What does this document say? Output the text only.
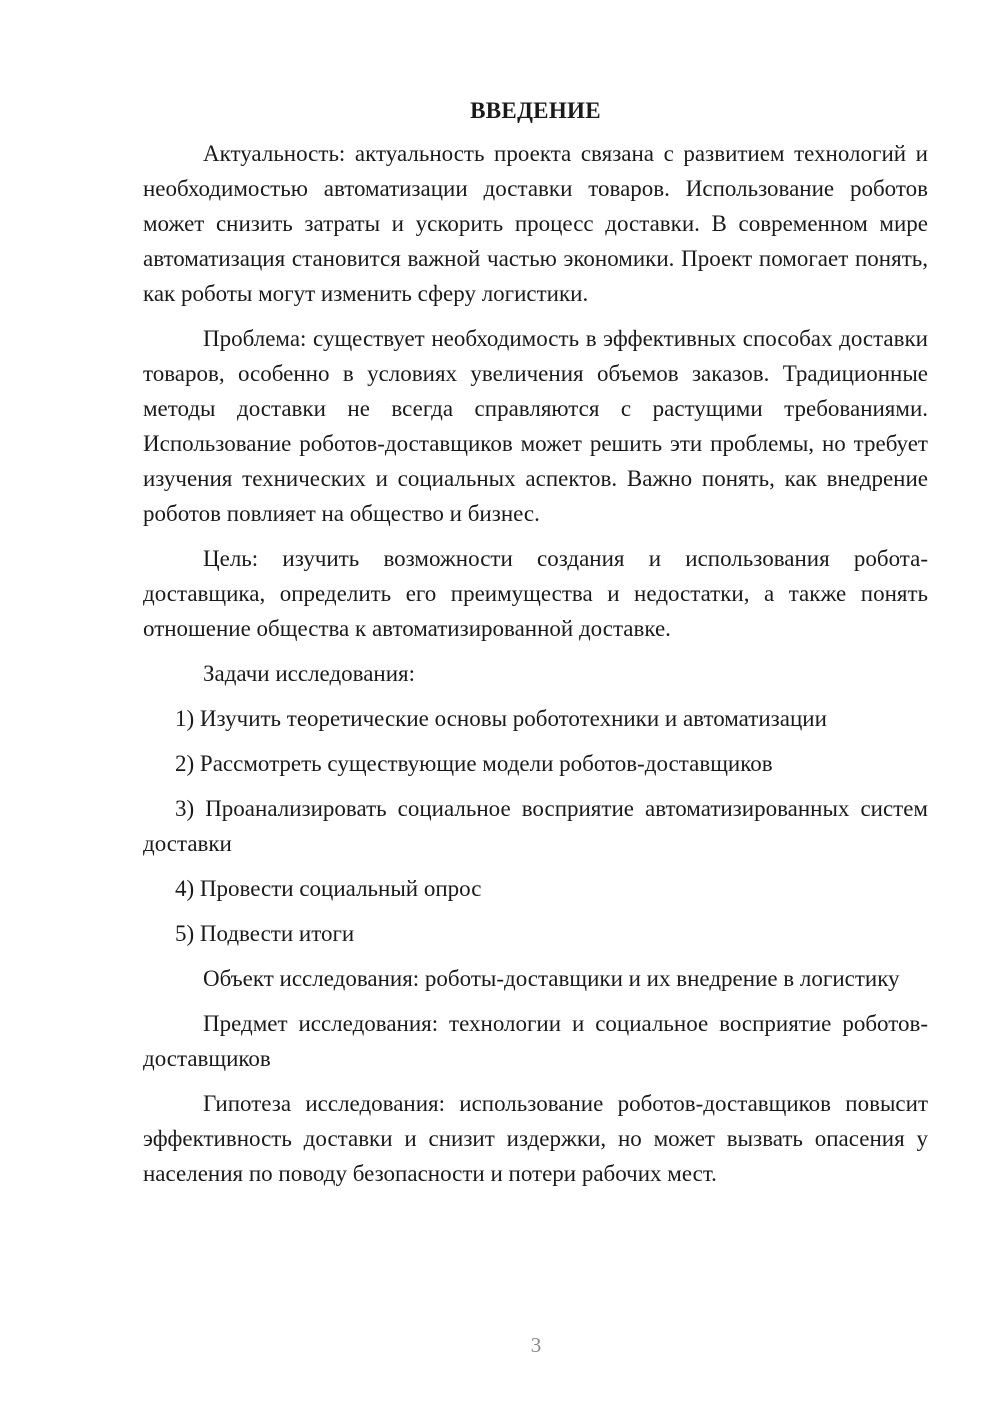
ВВЕДЕНИЕ

Актуальность: актуальность проекта связана с развитием технологий и необходимостью автоматизации доставки товаров. Использование роботов может снизить затраты и ускорить процесс доставки. В современном мире автоматизация становится важной частью экономики. Проект помогает понять, как роботы могут изменить сферу логистики.

Проблема: существует необходимость в эффективных способах доставки товаров, особенно в условиях увеличения объемов заказов. Традиционные методы доставки не всегда справляются с растущими требованиями. Использование роботов-доставщиков может решить эти проблемы, но требует изучения технических и социальных аспектов. Важно понять, как внедрение роботов повлияет на общество и бизнес.

Цель: изучить возможности создания и использования робота-доставщика, определить его преимущества и недостатки, а также понять отношение общества к автоматизированной доставке.

Задачи исследования:

1) Изучить теоретические основы робототехники и автоматизации

2) Рассмотреть существующие модели роботов-доставщиков

3) Проанализировать социальное восприятие автоматизированных систем доставки

4) Провести социальный опрос

5) Подвести итоги

Объект исследования: роботы-доставщики и их внедрение в логистику

Предмет исследования: технологии и социальное восприятие роботов-доставщиков

Гипотеза исследования: использование роботов-доставщиков повысит эффективность доставки и снизит издержки, но может вызвать опасения у населения по поводу безопасности и потери рабочих мест.

3
